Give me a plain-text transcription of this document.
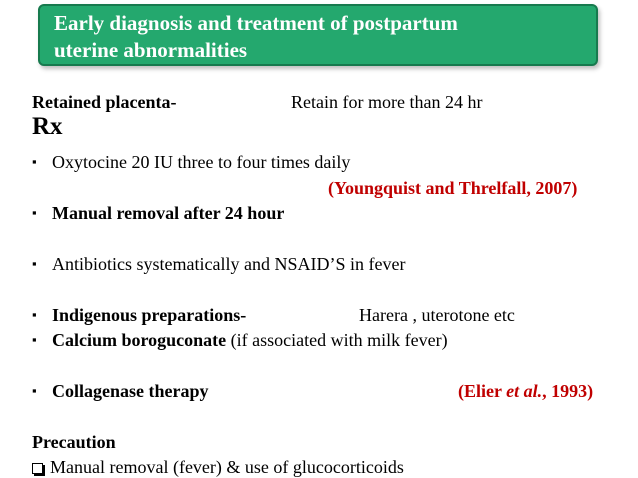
Early diagnosis and treatment of postpartum
uterine abnormalities
Retained placenta-	Retain for more than 24 hr
Rx
▪ Oxytocine 20 IU three to four times daily
(Youngquist and Threlfall, 2007)
▪ Manual removal after 24 hour
▪ Antibiotics systematically and NSAID’S in fever
▪ Indigenous preparations-	Harera , uterotone etc
▪ Calcium boroguconate (if associated with milk fever)
▪ Collagenase therapy	(Elier et al., 1993)
Precaution
Manual removal (fever) & use of glucocorticoids
